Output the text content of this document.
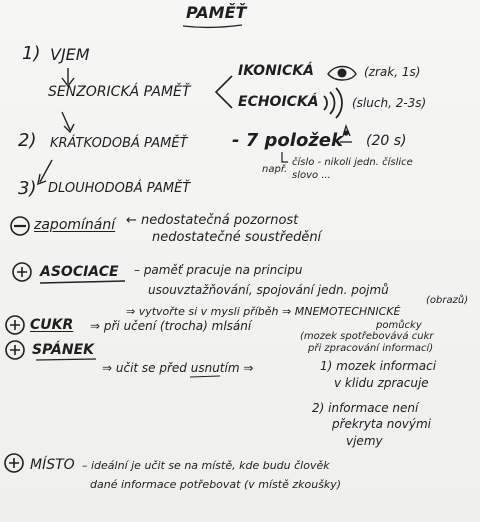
PAMĚŤ
1) VJEM
SENZORICKÁ PAMĚŤ
IKONICKÁ	(zrak, 1s)
ECHOICKÁ	(sluch, 2-3s)
2) KRÁTKODOBÁ PAMĚŤ - 7 položek (20 s)
např.
číslo - nikoli jedn. číslice
slovo ...
3) DLOUHODOBÁ PAMĚŤ
zapomínání ← nedostatečná pozornost
nedostatečné soustředění
ASOCIACE – paměť pracuje na principu
usouvztažňování, spojování jedn. pojmů
(obrazů)
⇒ vytvořte si v mysli příběh ⇒ MNEMOTECHNICKÉ
pomůcky
CUKR ⇒ při učení (trocha) mlsání
(mozek spotřebovává cukr
při zpracování informací)
SPÁNEK
⇒ učit se před usnutím ⇒	1) mozek informaci
v klidu zpracuje
2) informace není
překryta novými
vjemy
MÍSTO – ideální je učit se na místě, kde budu člověk
dané informace potřebovat (v místě zkoušky)
